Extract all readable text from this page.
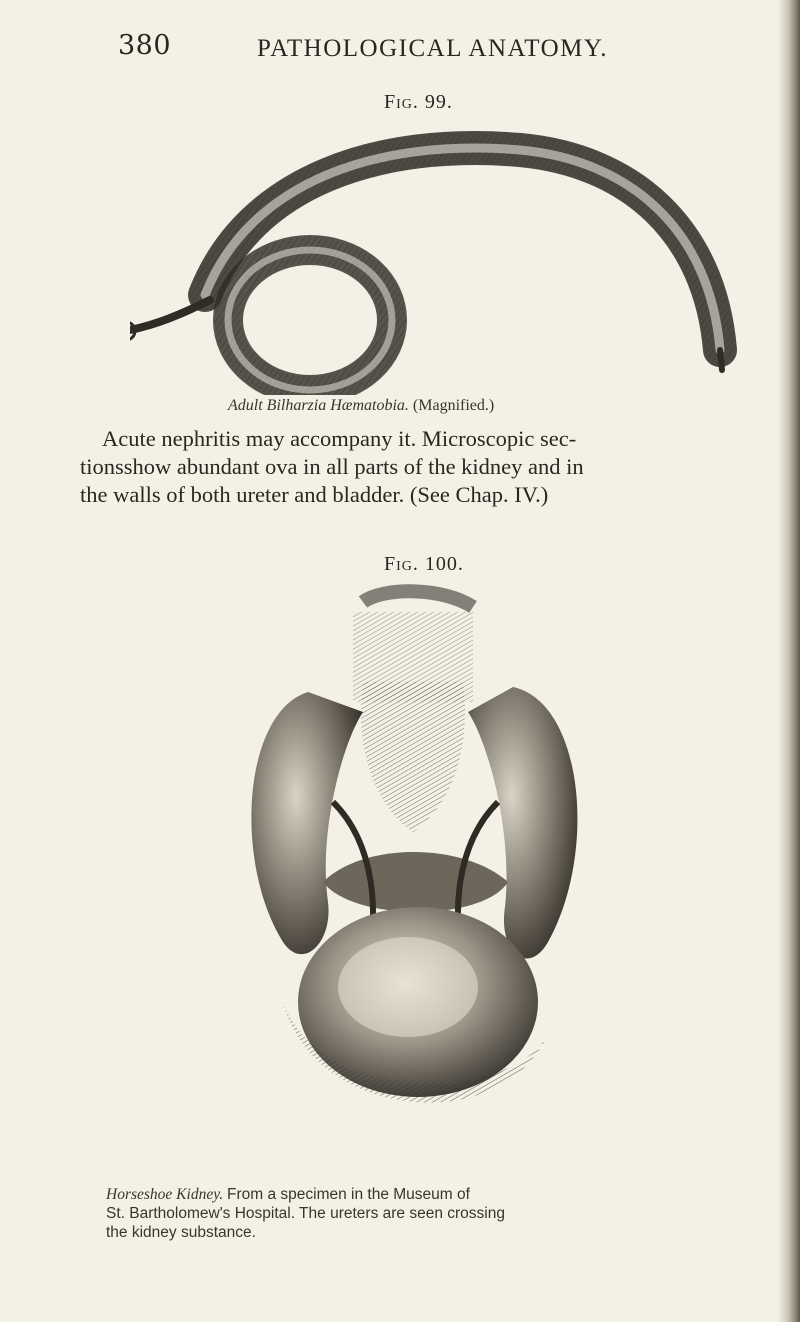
380	PATHOLOGICAL ANATOMY.
Fig. 99.
Adult Bilharzia Hæmatobia. (Magnified.)

Acute nephritis may accompany it. Microscopic sec-
tionsshow abundant ova in all parts of the kidney and in
the walls of both ureter and bladder. (See Chap. IV.)

Fig. 100.

Horseshoe Kidney. From a specimen in the Museum of
St. Bartholomew's Hospital. The ureters are seen crossing
the kidney substance.
